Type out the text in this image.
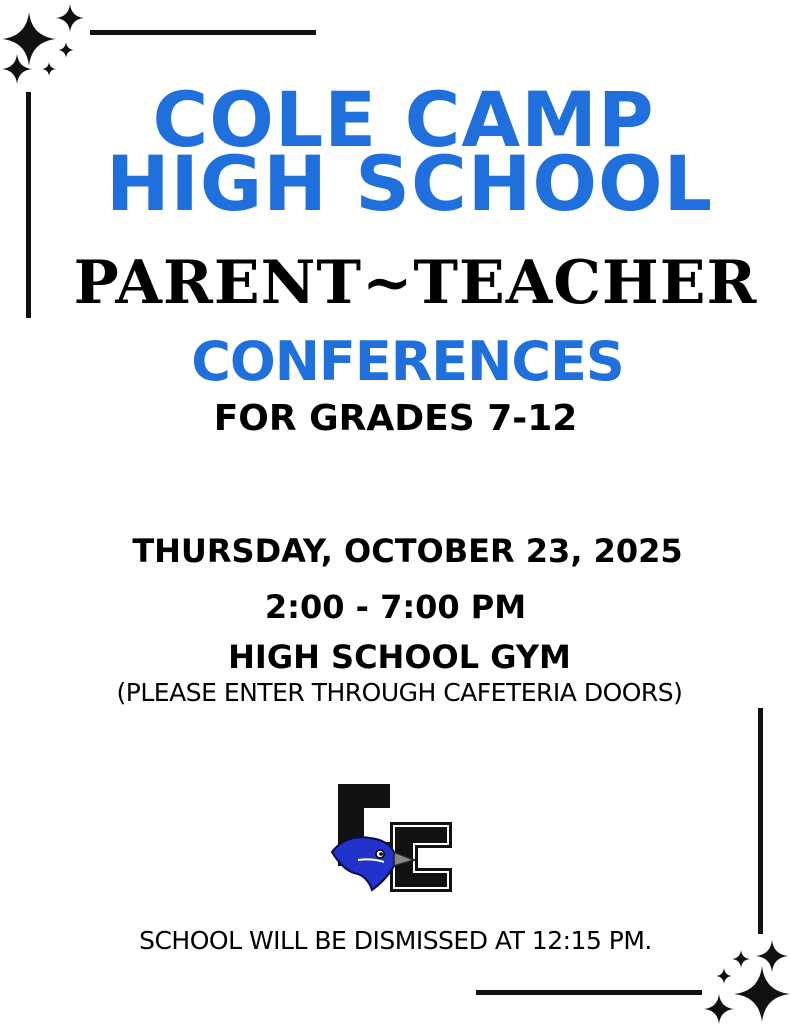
COLE CAMP
HIGH SCHOOL
PARENT~TEACHER
CONFERENCES
FOR GRADES 7-12
THURSDAY, OCTOBER 23, 2025
2:00 - 7:00 PM
HIGH SCHOOL GYM
(PLEASE ENTER THROUGH CAFETERIA DOORS)
SCHOOL WILL BE DISMISSED AT 12:15 PM.
